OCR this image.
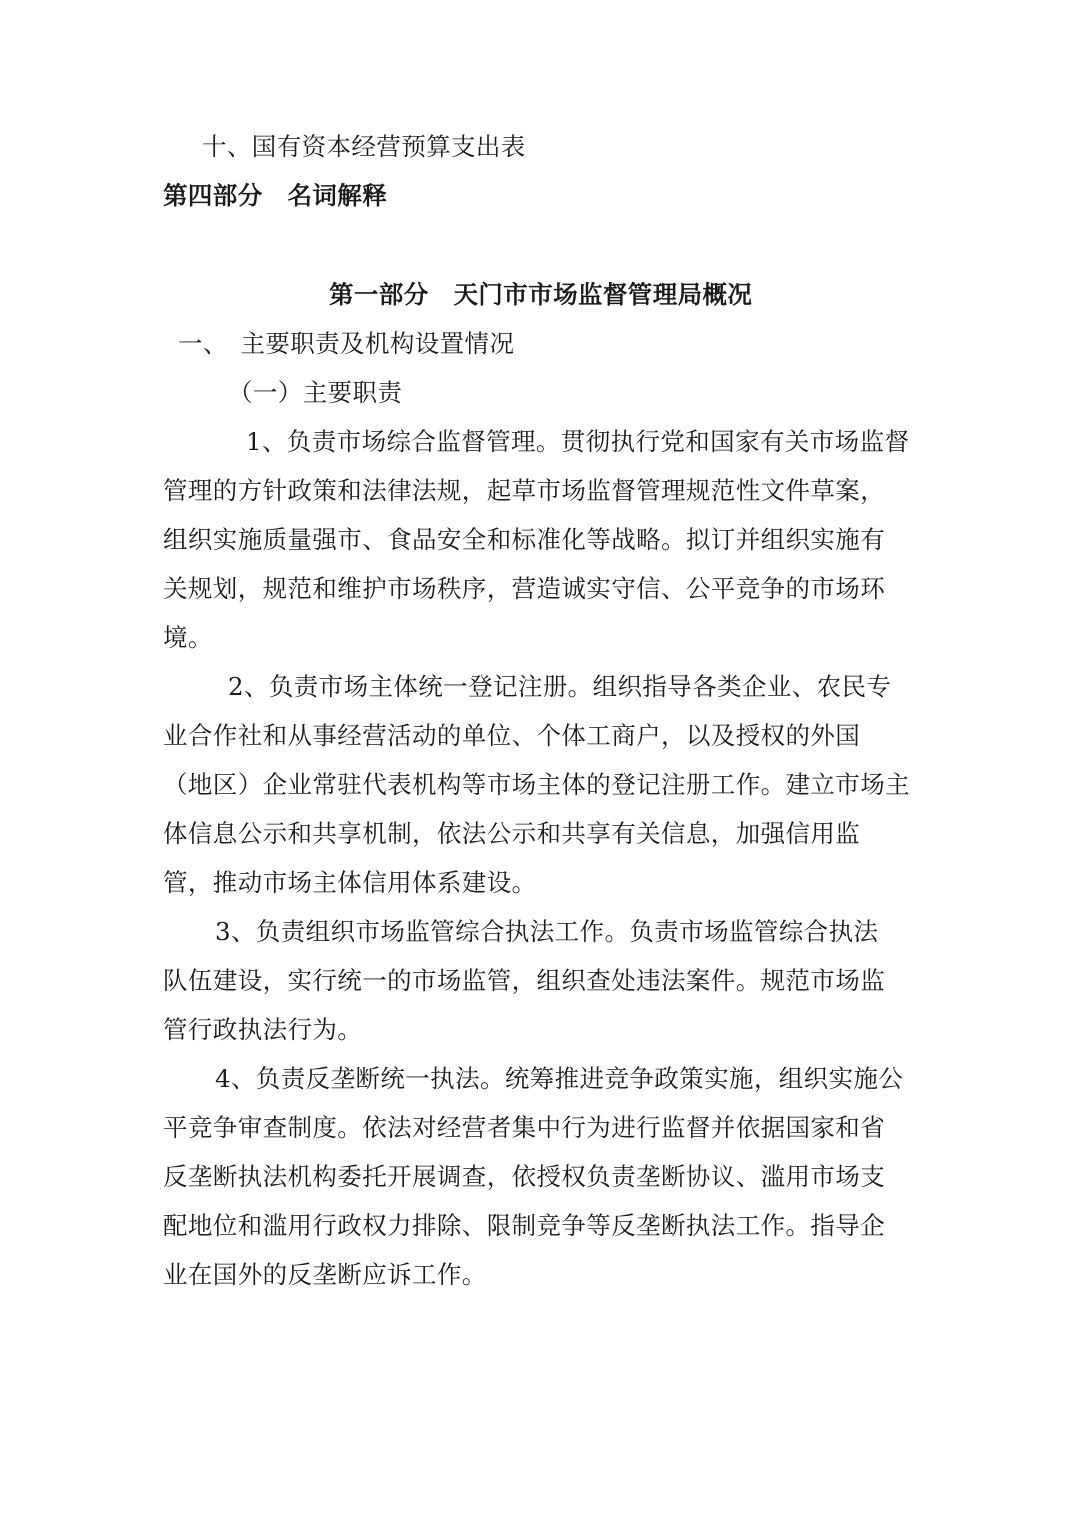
十、国有资本经营预算支出表
第四部分　名词解释
第一部分　天门市市场监督管理局概况
一、　主要职责及机构设置情况
（一）主要职责
1、负责市场综合监督管理。贯彻执行党和国家有关市场监督
管理的方针政策和法律法规，起草市场监督管理规范性文件草案，
组织实施质量强市、食品安全和标准化等战略。拟订并组织实施有
关规划，规范和维护市场秩序，营造诚实守信、公平竞争的市场环
境。
2、负责市场主体统一登记注册。组织指导各类企业、农民专
业合作社和从事经营活动的单位、个体工商户，以及授权的外国
（地区）企业常驻代表机构等市场主体的登记注册工作。建立市场主
体信息公示和共享机制，依法公示和共享有关信息，加强信用监
管，推动市场主体信用体系建设。
3、负责组织市场监管综合执法工作。负责市场监管综合执法
队伍建设，实行统一的市场监管，组织查处违法案件。规范市场监
管行政执法行为。
4、负责反垄断统一执法。统筹推进竞争政策实施，组织实施公
平竞争审查制度。依法对经营者集中行为进行监督并依据国家和省
反垄断执法机构委托开展调查，依授权负责垄断协议、滥用市场支
配地位和滥用行政权力排除、限制竞争等反垄断执法工作。指导企
业在国外的反垄断应诉工作。
